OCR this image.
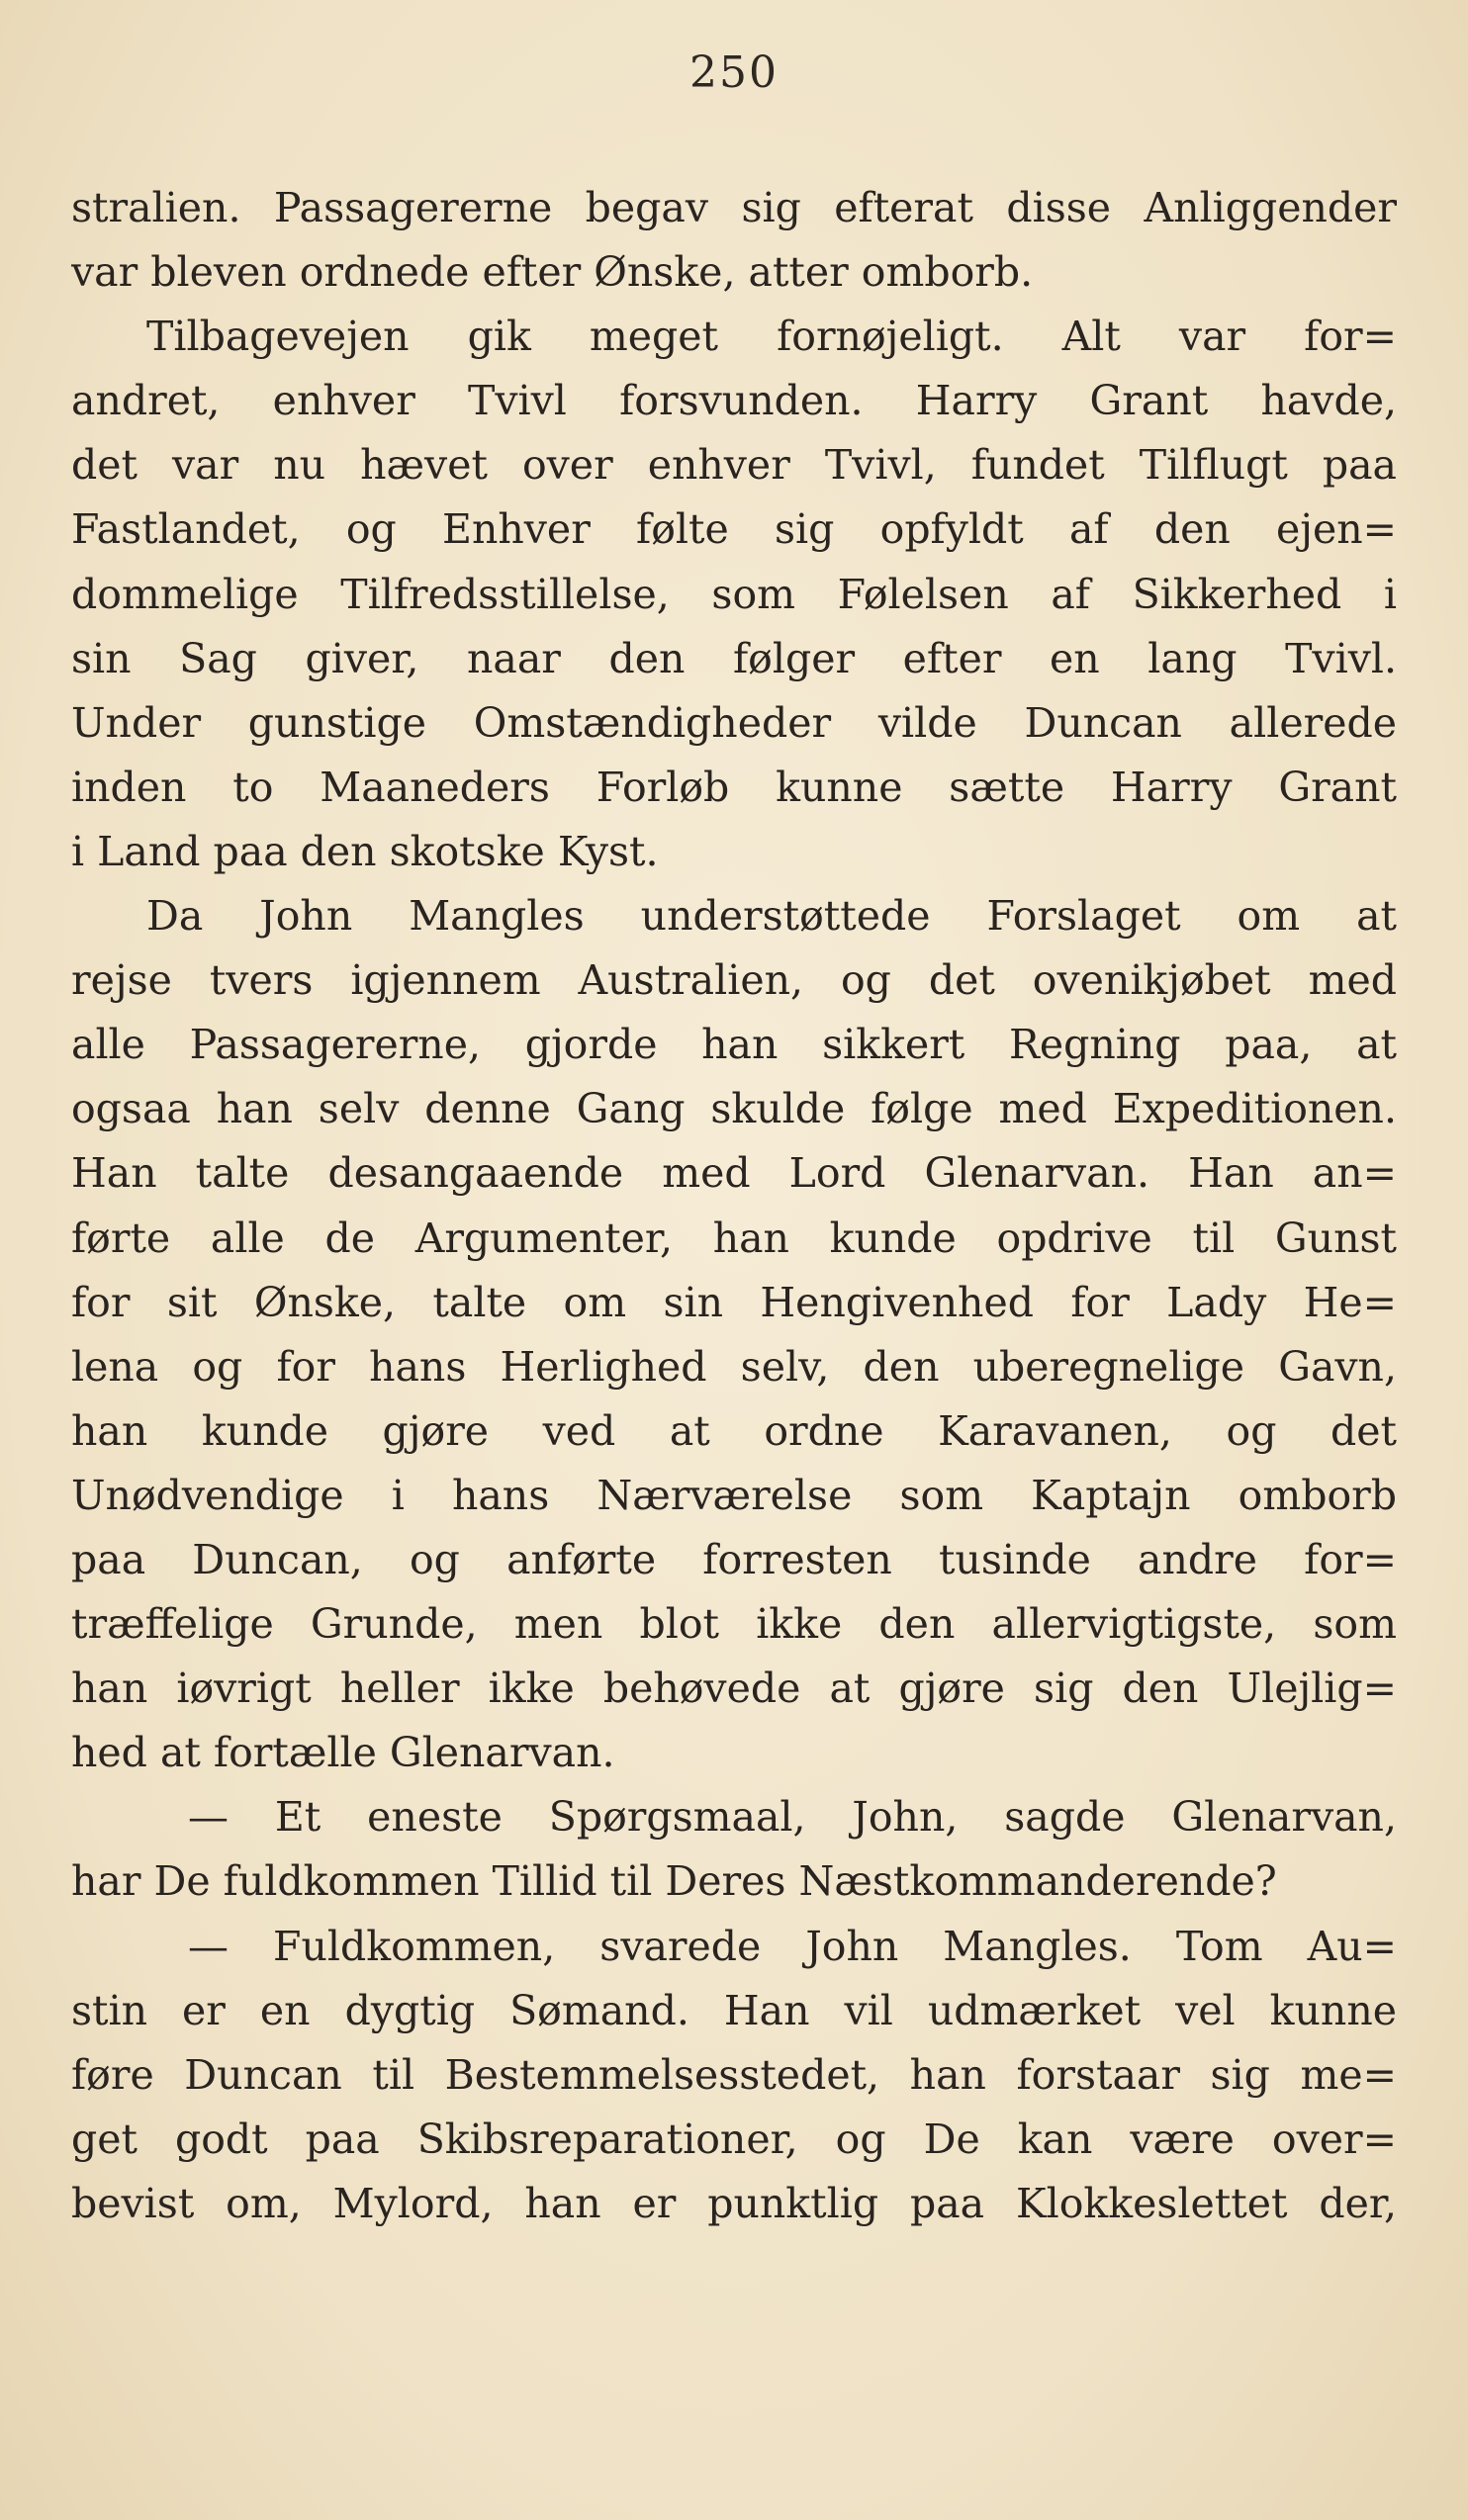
250
stralien. Passagererne begav sig efterat disse Anliggender
var bleven ordnede efter Ønske, atter omborb.
Tilbagevejen gik meget fornøjeligt. Alt var for=
andret, enhver Tvivl forsvunden. Harry Grant havde,
det var nu hævet over enhver Tvivl, fundet Tilflugt paa
Fastlandet, og Enhver følte sig opfyldt af den ejen=
dommelige Tilfredsstillelse, som Følelsen af Sikkerhed i
sin Sag giver, naar den følger efter en lang Tvivl.
Under gunstige Omstændigheder vilde Duncan allerede
inden to Maaneders Forløb kunne sætte Harry Grant
i Land paa den skotske Kyst.
Da John Mangles understøttede Forslaget om at
rejse tvers igjennem Australien, og det ovenikjøbet med
alle Passagererne, gjorde han sikkert Regning paa, at
ogsaa han selv denne Gang skulde følge med Expeditionen.
Han talte desangaaende med Lord Glenarvan. Han an=
førte alle de Argumenter, han kunde opdrive til Gunst
for sit Ønske, talte om sin Hengivenhed for Lady He=
lena og for hans Herlighed selv, den uberegnelige Gavn,
han kunde gjøre ved at ordne Karavanen, og det
Unødvendige i hans Nærværelse som Kaptajn omborb
paa Duncan, og anførte forresten tusinde andre for=
træffelige Grunde, men blot ikke den allervigtigste, som
han iøvrigt heller ikke behøvede at gjøre sig den Ulejlig=
hed at fortælle Glenarvan.
— Et eneste Spørgsmaal, John, sagde Glenarvan,
har De fuldkommen Tillid til Deres Næstkommanderende?
— Fuldkommen, svarede John Mangles. Tom Au=
stin er en dygtig Sømand. Han vil udmærket vel kunne
føre Duncan til Bestemmelsesstedet, han forstaar sig me=
get godt paa Skibsreparationer, og De kan være over=
bevist om, Mylord, han er punktlig paa Klokkeslettet der,
